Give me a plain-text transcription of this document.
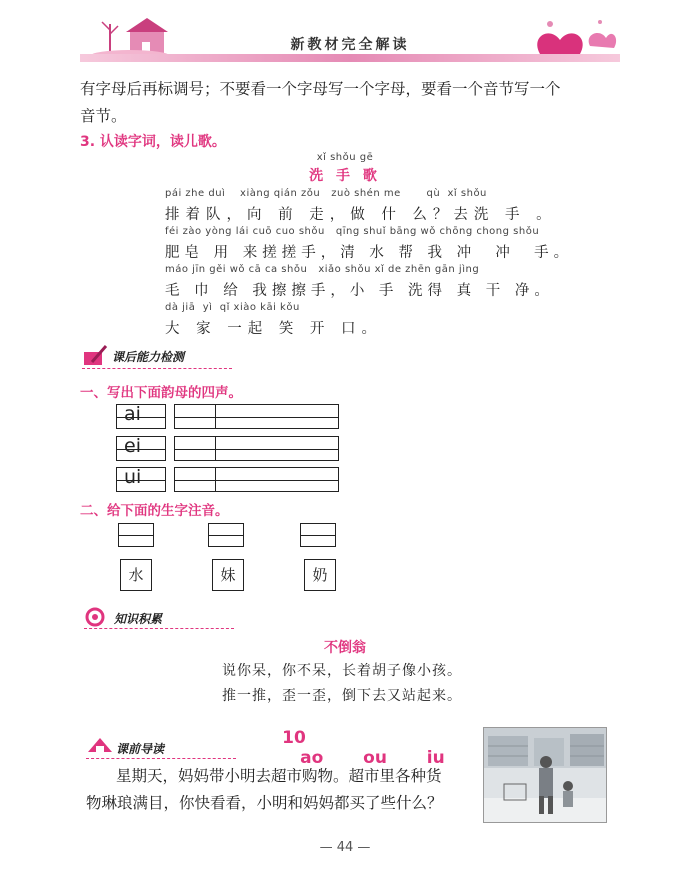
新教材完全解读
有字母后再标调号；不要看一个字母写一个字母，要看一个音节写一个
音节。
3. 认读字词，读儿歌。
xǐ shǒu gē
洗 手 歌
pái zhe duì    xiàng qián zǒu   zuò shén me       qù  xǐ shǒu
排着队，向 前 走，做 什 么？去洗 手 。
féi zào yòng lái cuō cuo shǒu   qīng shuǐ bāng wǒ chōng chong shǒu
肥皂 用 来搓搓手，清 水 帮 我 冲  冲  手。
máo jīn gěi wǒ cā ca shǒu   xiǎo shǒu xǐ de zhēn gān jìng
毛 巾 给 我擦擦手，小 手 洗得 真 干 净。
dà jiā  yì  qǐ xiào kāi kǒu
大 家 一起 笑 开 口。
课后能力检测
一、写出下面韵母的四声。
ai
ei
ui
二、给下面的生字注音。
水	妹	奶
知识积累
不倒翁
说你呆，你不呆，长着胡子像小孩。
推一推，歪一歪，倒下去又站起来。

10
ao  ou  iu

课前导读
星期天，妈妈带小明去超市购物。超市里各种货
物琳琅满目，你快看看，小明和妈妈都买了些什么？
— 44 —
